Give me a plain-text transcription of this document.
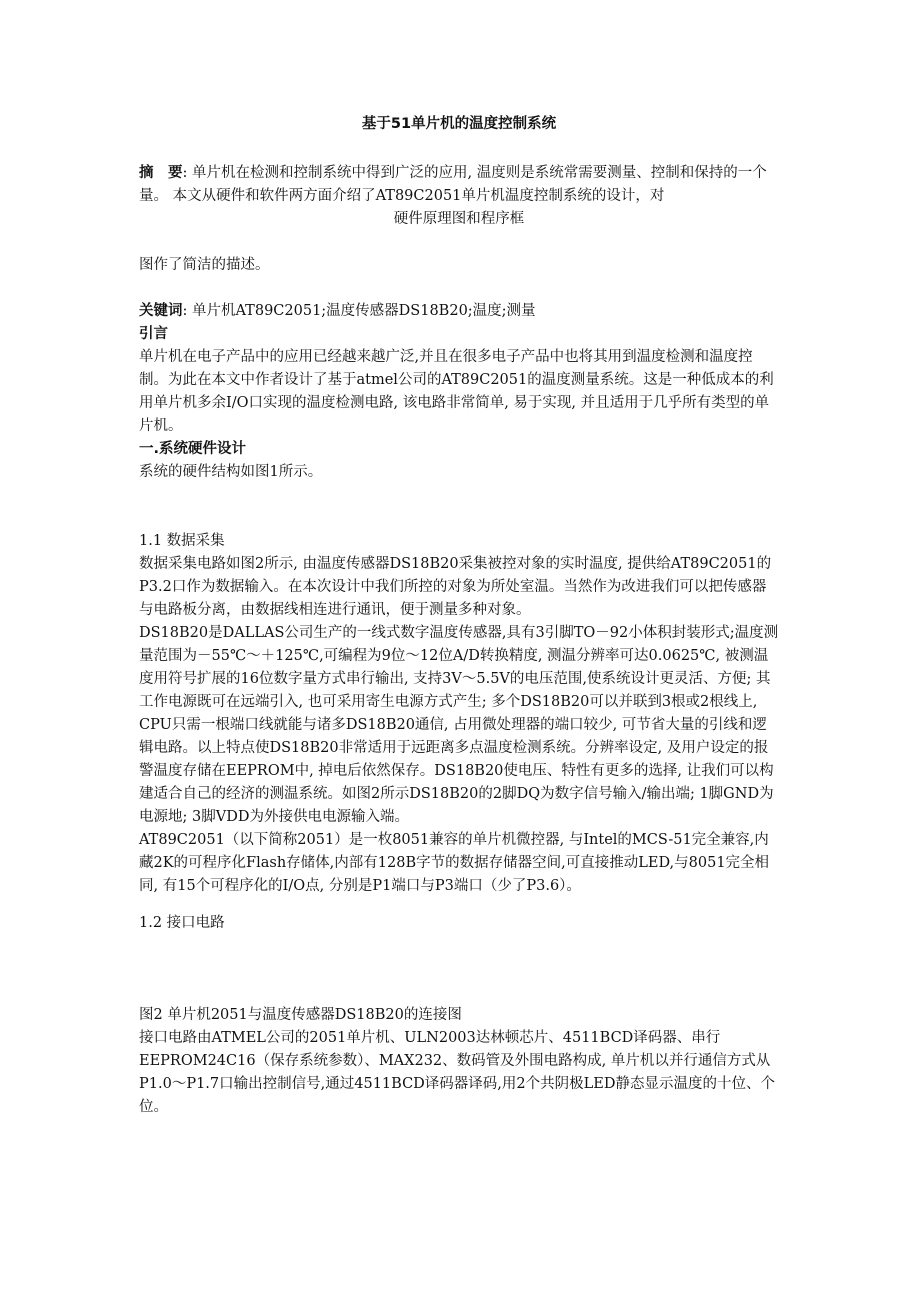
基于51单片机的温度控制系统

摘　要: 单片机在检测和控制系统中得到广泛的应用, 温度则是系统常需要测量、控制和保持的一个量。 本文从硬件和软件两方面介绍了AT89C2051单片机温度控制系统的设计，对

硬件原理图和程序框

图作了简洁的描述。

关键词: 单片机AT89C2051;温度传感器DS18B20;温度;测量

引言

单片机在电子产品中的应用已经越来越广泛,并且在很多电子产品中也将其用到温度检测和温度控制。为此在本文中作者设计了基于atmel公司的AT89C2051的温度测量系统。这是一种低成本的利用单片机多余I/O口实现的温度检测电路, 该电路非常简单, 易于实现, 并且适用于几乎所有类型的单片机。

一.系统硬件设计

系统的硬件结构如图1所示。

1.1 数据采集

数据采集电路如图2所示, 由温度传感器DS18B20采集被控对象的实时温度, 提供给AT89C2051的P3.2口作为数据输入。在本次设计中我们所控的对象为所处室温。当然作为改进我们可以把传感器与电路板分离，由数据线相连进行通讯，便于测量多种对象。

DS18B20是DALLAS公司生产的一线式数字温度传感器,具有3引脚TO－92小体积封装形式;温度测量范围为－55℃～＋125℃,可编程为9位～12位A/D转换精度, 测温分辨率可达0.0625℃, 被测温度用符号扩展的16位数字量方式串行输出, 支持3V～5.5V的电压范围,使系统设计更灵活、方便; 其工作电源既可在远端引入, 也可采用寄生电源方式产生; 多个DS18B20可以并联到3根或2根线上, CPU只需一根端口线就能与诸多DS18B20通信, 占用微处理器的端口较少, 可节省大量的引线和逻辑电路。以上特点使DS18B20非常适用于远距离多点温度检测系统。分辨率设定, 及用户设定的报警温度存储在EEPROM中, 掉电后依然保存。DS18B20使电压、特性有更多的选择, 让我们可以构建适合自己的经济的测温系统。如图2所示DS18B20的2脚DQ为数字信号输入/输出端; 1脚GND为电源地; 3脚VDD为外接供电电源输入端。

AT89C2051（以下简称2051）是一枚8051兼容的单片机微控器, 与Intel的MCS-51完全兼容,内藏2K的可程序化Flash存储体,内部有128B字节的数据存储器空间,可直接推动LED,与8051完全相同, 有15个可程序化的I/O点, 分别是P1端口与P3端口（少了P3.6）。

1.2 接口电路

图2 单片机2051与温度传感器DS18B20的连接图

接口电路由ATMEL公司的2051单片机、ULN2003达林顿芯片、4511BCD译码器、串行EEPROM24C16（保存系统参数）、MAX232、数码管及外围电路构成, 单片机以并行通信方式从P1.0～P1.7口输出控制信号,通过4511BCD译码器译码,用2个共阴极LED静态显示温度的十位、个位。
